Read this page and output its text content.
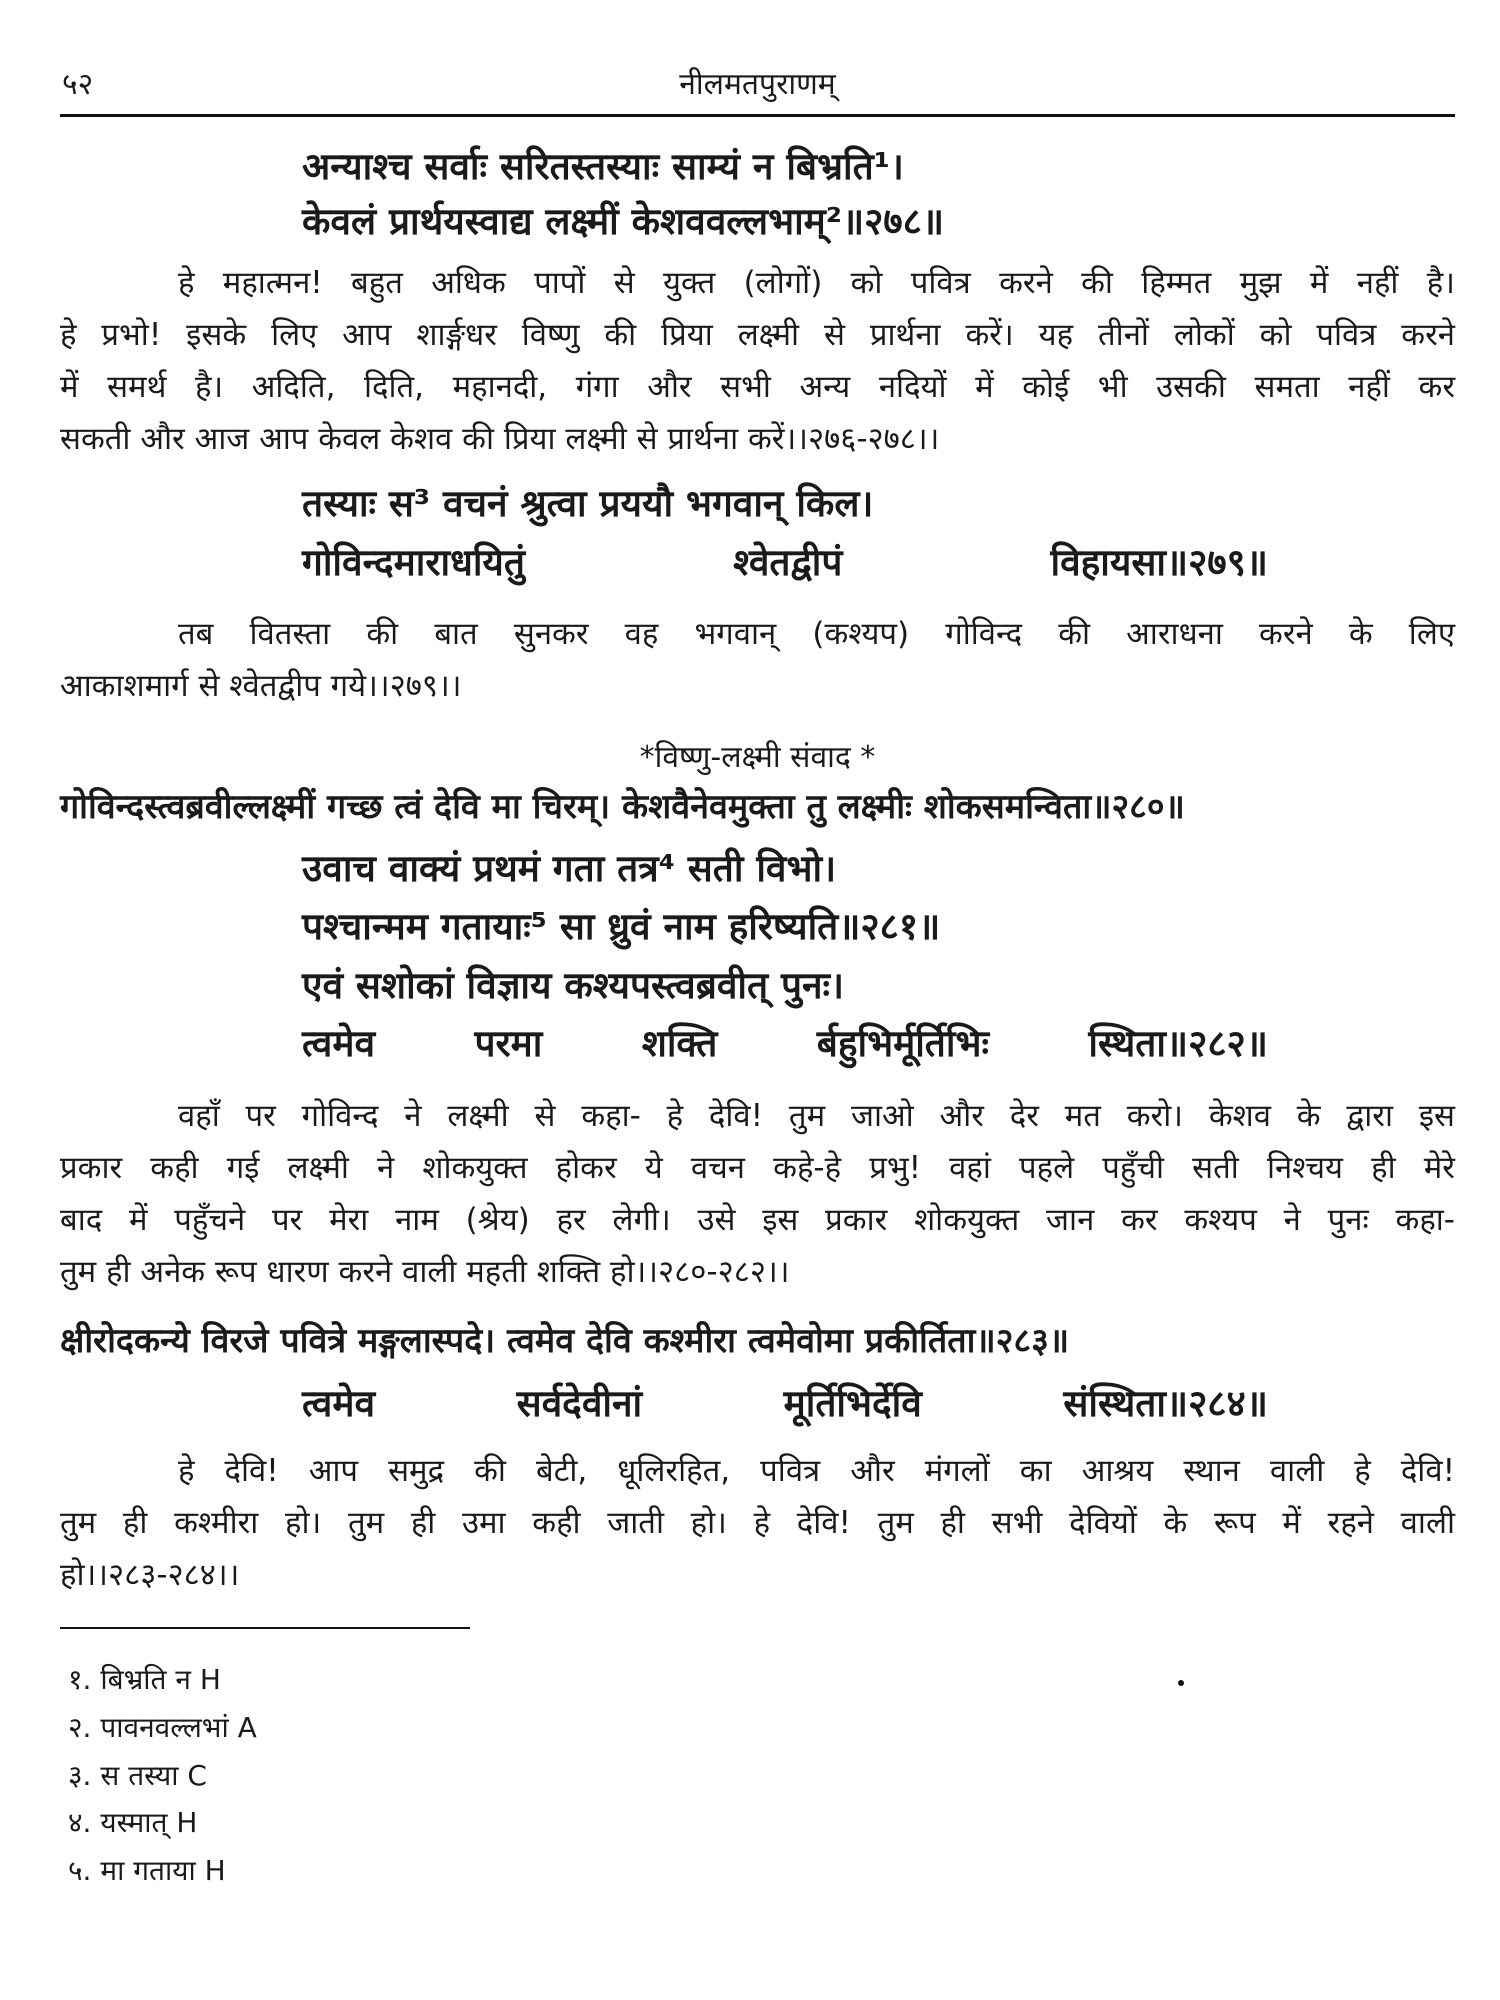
५२	नीलमतपुराणम्
अन्याश्च सर्वाः सरितस्तस्याः साम्यं न बिभ्रति¹।
केवलं प्रार्थयस्वाद्य लक्ष्मीं केशववल्लभाम्²॥२७८॥
हे महात्मन! बहुत अधिक पापों से युक्त (लोगों) को पवित्र करने की हिम्मत मुझ में नहीं है।
हे प्रभो! इसके लिए आप शार्ङ्गधर विष्णु की प्रिया लक्ष्मी से प्रार्थना करें। यह तीनों लोकों को पवित्र करने
में समर्थ है। अदिति, दिति, महानदी, गंगा और सभी अन्य नदियों में कोई भी उसकी समता नहीं कर
सकती और आज आप केवल केशव की प्रिया लक्ष्मी से प्रार्थना करें।।२७६-२७८।।
तस्याः स³ वचनं श्रुत्वा प्रययौ भगवान् किल।
गोविन्दमाराधयितुं	श्वेतद्वीपं	विहायसा॥२७९॥
तब वितस्ता की बात सुनकर वह भगवान् (कश्यप) गोविन्द की आराधना करने के लिए
आकाशमार्ग से श्वेतद्वीप गये।।२७९।।
*विष्णु-लक्ष्मी संवाद *
गोविन्दस्त्वब्रवील्लक्ष्मीं गच्छ त्वं देवि मा चिरम्। केशवैनेवमुक्ता तु लक्ष्मीः शोकसमन्विता॥२८०॥
उवाच वाक्यं प्रथमं गता तत्र⁴ सती विभो।
पश्चान्मम गतायाः⁵ सा ध्रुवं नाम हरिष्यति॥२८१॥
एवं सशोकां विज्ञाय कश्यपस्त्वब्रवीत् पुनः।
त्वमेव	परमा	शक्ति	र्बहुभिर्मूर्तिभिः	स्थिता॥२८२॥
वहाँ पर गोविन्द ने लक्ष्मी से कहा- हे देवि! तुम जाओ और देर मत करो। केशव के द्वारा इस
प्रकार कही गई लक्ष्मी ने शोकयुक्त होकर ये वचन कहे-हे प्रभु! वहां पहले पहुँची सती निश्चय ही मेरे
बाद में पहुँचने पर मेरा नाम (श्रेय) हर लेगी। उसे इस प्रकार शोकयुक्त जान कर कश्यप ने पुनः कहा-
तुम ही अनेक रूप धारण करने वाली महती शक्ति हो।।२८०-२८२।।
क्षीरोदकन्ये विरजे पवित्रे मङ्गलास्पदे। त्वमेव देवि कश्मीरा त्वमेवोमा प्रकीर्तिता॥२८३॥
त्वमेव	सर्वदेवीनां	मूर्तिभिर्देवि	संस्थिता॥२८४॥
हे देवि! आप समुद्र की बेटी, धूलिरहित, पवित्र और मंगलों का आश्रय स्थान वाली हे देवि!
तुम ही कश्मीरा हो। तुम ही उमा कही जाती हो। हे देवि! तुम ही सभी देवियों के रूप में रहने वाली
हो।।२८३-२८४।।
१. बिभ्रति न H
२. पावनवल्लभां A
३. स तस्या C
४. यस्मात् H
५. मा गताया H
